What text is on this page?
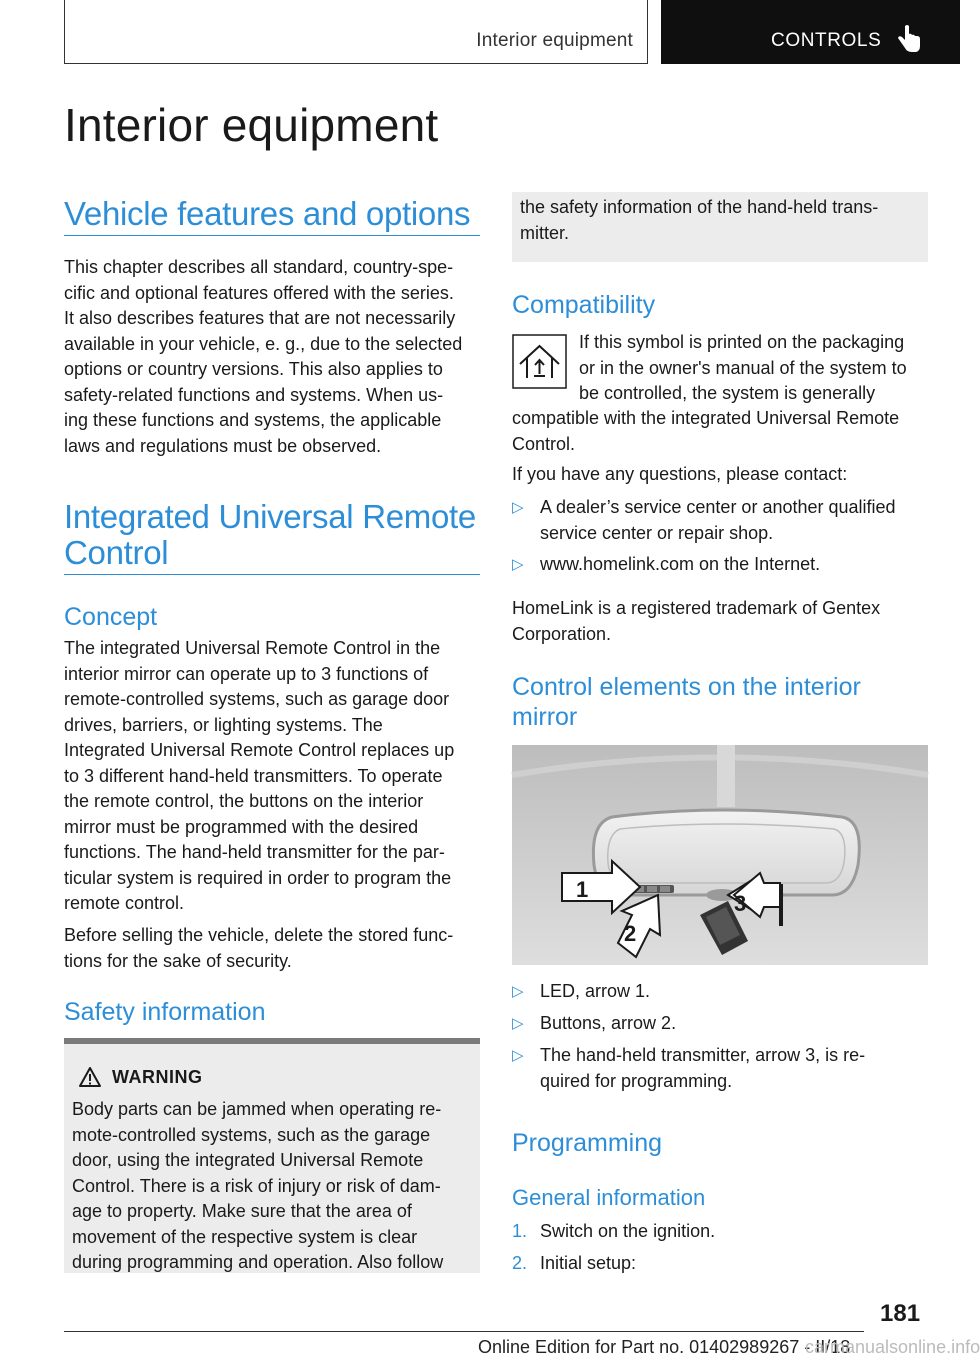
Interior equipment	CONTROLS
Interior equipment
Vehicle features and options

This chapter describes all standard, country-spe‐

cific and optional features offered with the series.

It also describes features that are not necessarily

available in your vehicle, e. g., due to the selected

options or country versions. This also applies to

safety-related functions and systems. When us‐

ing these functions and systems, the applicable

laws and regulations must be observed.

Integrated Universal Remote
Control
Concept

The integrated Universal Remote Control in the

interior mirror can operate up to 3 functions of

remote-controlled systems, such as garage door

drives, barriers, or lighting systems. The

Integrated Universal Remote Control replaces up

to 3 different hand-held transmitters. To operate

the remote control, the buttons on the interior

mirror must be programmed with the desired

functions. The hand-held transmitter for the par‐

ticular system is required in order to program the

remote control.

Before selling the vehicle, delete the stored func‐

tions for the sake of security.

Safety information
WARNING

Body parts can be jammed when operating re‐

mote-controlled systems, such as the garage

door, using the integrated Universal Remote

Control. There is a risk of injury or risk of dam‐

age to property. Make sure that the area of

movement of the respective system is clear

during programming and operation. Also follow

the safety information of the hand-held trans‐

mitter.

Compatibility

If this symbol is printed on the packaging

or in the owner's manual of the system to

be controlled, the system is generally

compatible with the integrated Universal Remote

Control.

If you have any questions, please contact:

▷ A dealer’s service center or another qualified
service center or repair shop.
▷ www.homelink.com on the Internet.

HomeLink is a registered trademark of Gentex

Corporation.

Control elements on the interior
mirror
1
2
3
▷ LED, arrow 1.
▷ Buttons, arrow 2.
▷ The hand-held transmitter, arrow 3, is re‐
quired for programming.
Programming
General information
1. Switch on the ignition.
2. Initial setup:
181
Online Edition for Part no. 01402989267 - II/18
carmanualsonline.info
